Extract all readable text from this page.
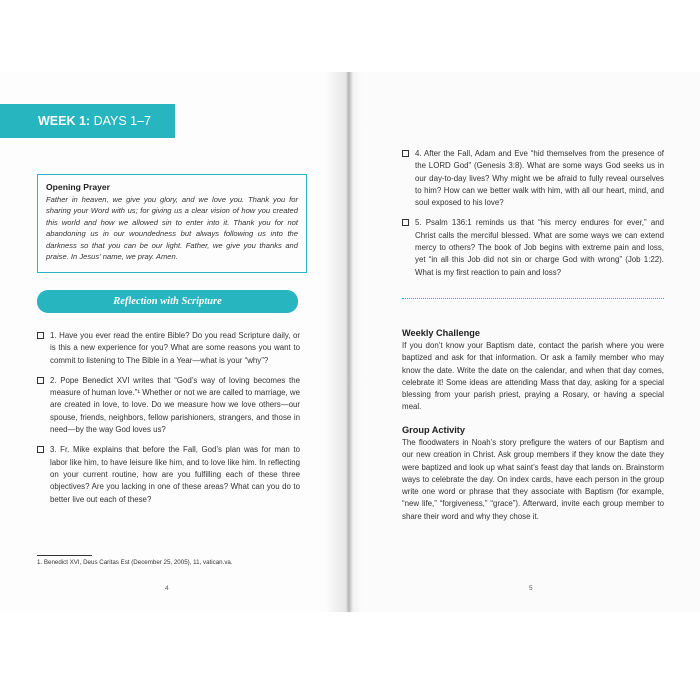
WEEK 1: DAYS 1–7
Opening Prayer
Father in heaven, we give you glory, and we love you. Thank you for sharing your Word with us; for giving us a clear vision of how you created this world and how we allowed sin to enter into it. Thank you for not abandoning us in our woundedness but always following us into the darkness so that you can be our light. Father, we give you thanks and praise. In Jesus' name, we pray. Amen.
Reflection with Scripture
1. Have you ever read the entire Bible? Do you read Scripture daily, or is this a new experience for you? What are some reasons you want to commit to listening to The Bible in a Year—what is your “why”?
2. Pope Benedict XVI writes that “God’s way of loving becomes the measure of human love.”¹ Whether or not we are called to marriage, we are created in love, to love. Do we measure how we love others—our spouse, friends, neighbors, fellow parishioners, strangers, and those in need—by the way God loves us?
3. Fr. Mike explains that before the Fall, God’s plan was for man to labor like him, to have leisure like him, and to love like him. In reflecting on your current routine, how are you fulfilling each of these three objectives? Are you lacking in one of these areas? What can you do to better live out each of these?
1. Benedict XVI, Deus Caritas Est (December 25, 2005), 11, vatican.va.
4	5
4. After the Fall, Adam and Eve “hid themselves from the presence of the LORD God” (Genesis 3:8). What are some ways God seeks us in our day-to-day lives? Why might we be afraid to fully reveal ourselves to him? How can we better walk with him, with all our heart, mind, and soul exposed to his love?
5. Psalm 136:1 reminds us that “his mercy endures for ever,” and Christ calls the merciful blessed. What are some ways we can extend mercy to others? The book of Job begins with extreme pain and loss, yet “in all this Job did not sin or charge God with wrong” (Job 1:22). What is my first reaction to pain and loss?
Weekly Challenge
If you don’t know your Baptism date, contact the parish where you were baptized and ask for that information. Or ask a family member who may know the date. Write the date on the calendar, and when that day comes, celebrate it! Some ideas are attending Mass that day, asking for a special blessing from your parish priest, praying a Rosary, or having a special meal.
Group Activity
The floodwaters in Noah’s story prefigure the waters of our Baptism and our new creation in Christ. Ask group members if they know the date they were baptized and look up what saint’s feast day that lands on. Brainstorm ways to celebrate the day. On index cards, have each person in the group write one word or phrase that they associate with Baptism (for example, “new life,” “forgiveness,” “grace”). Afterward, invite each group member to share their word and why they chose it.
